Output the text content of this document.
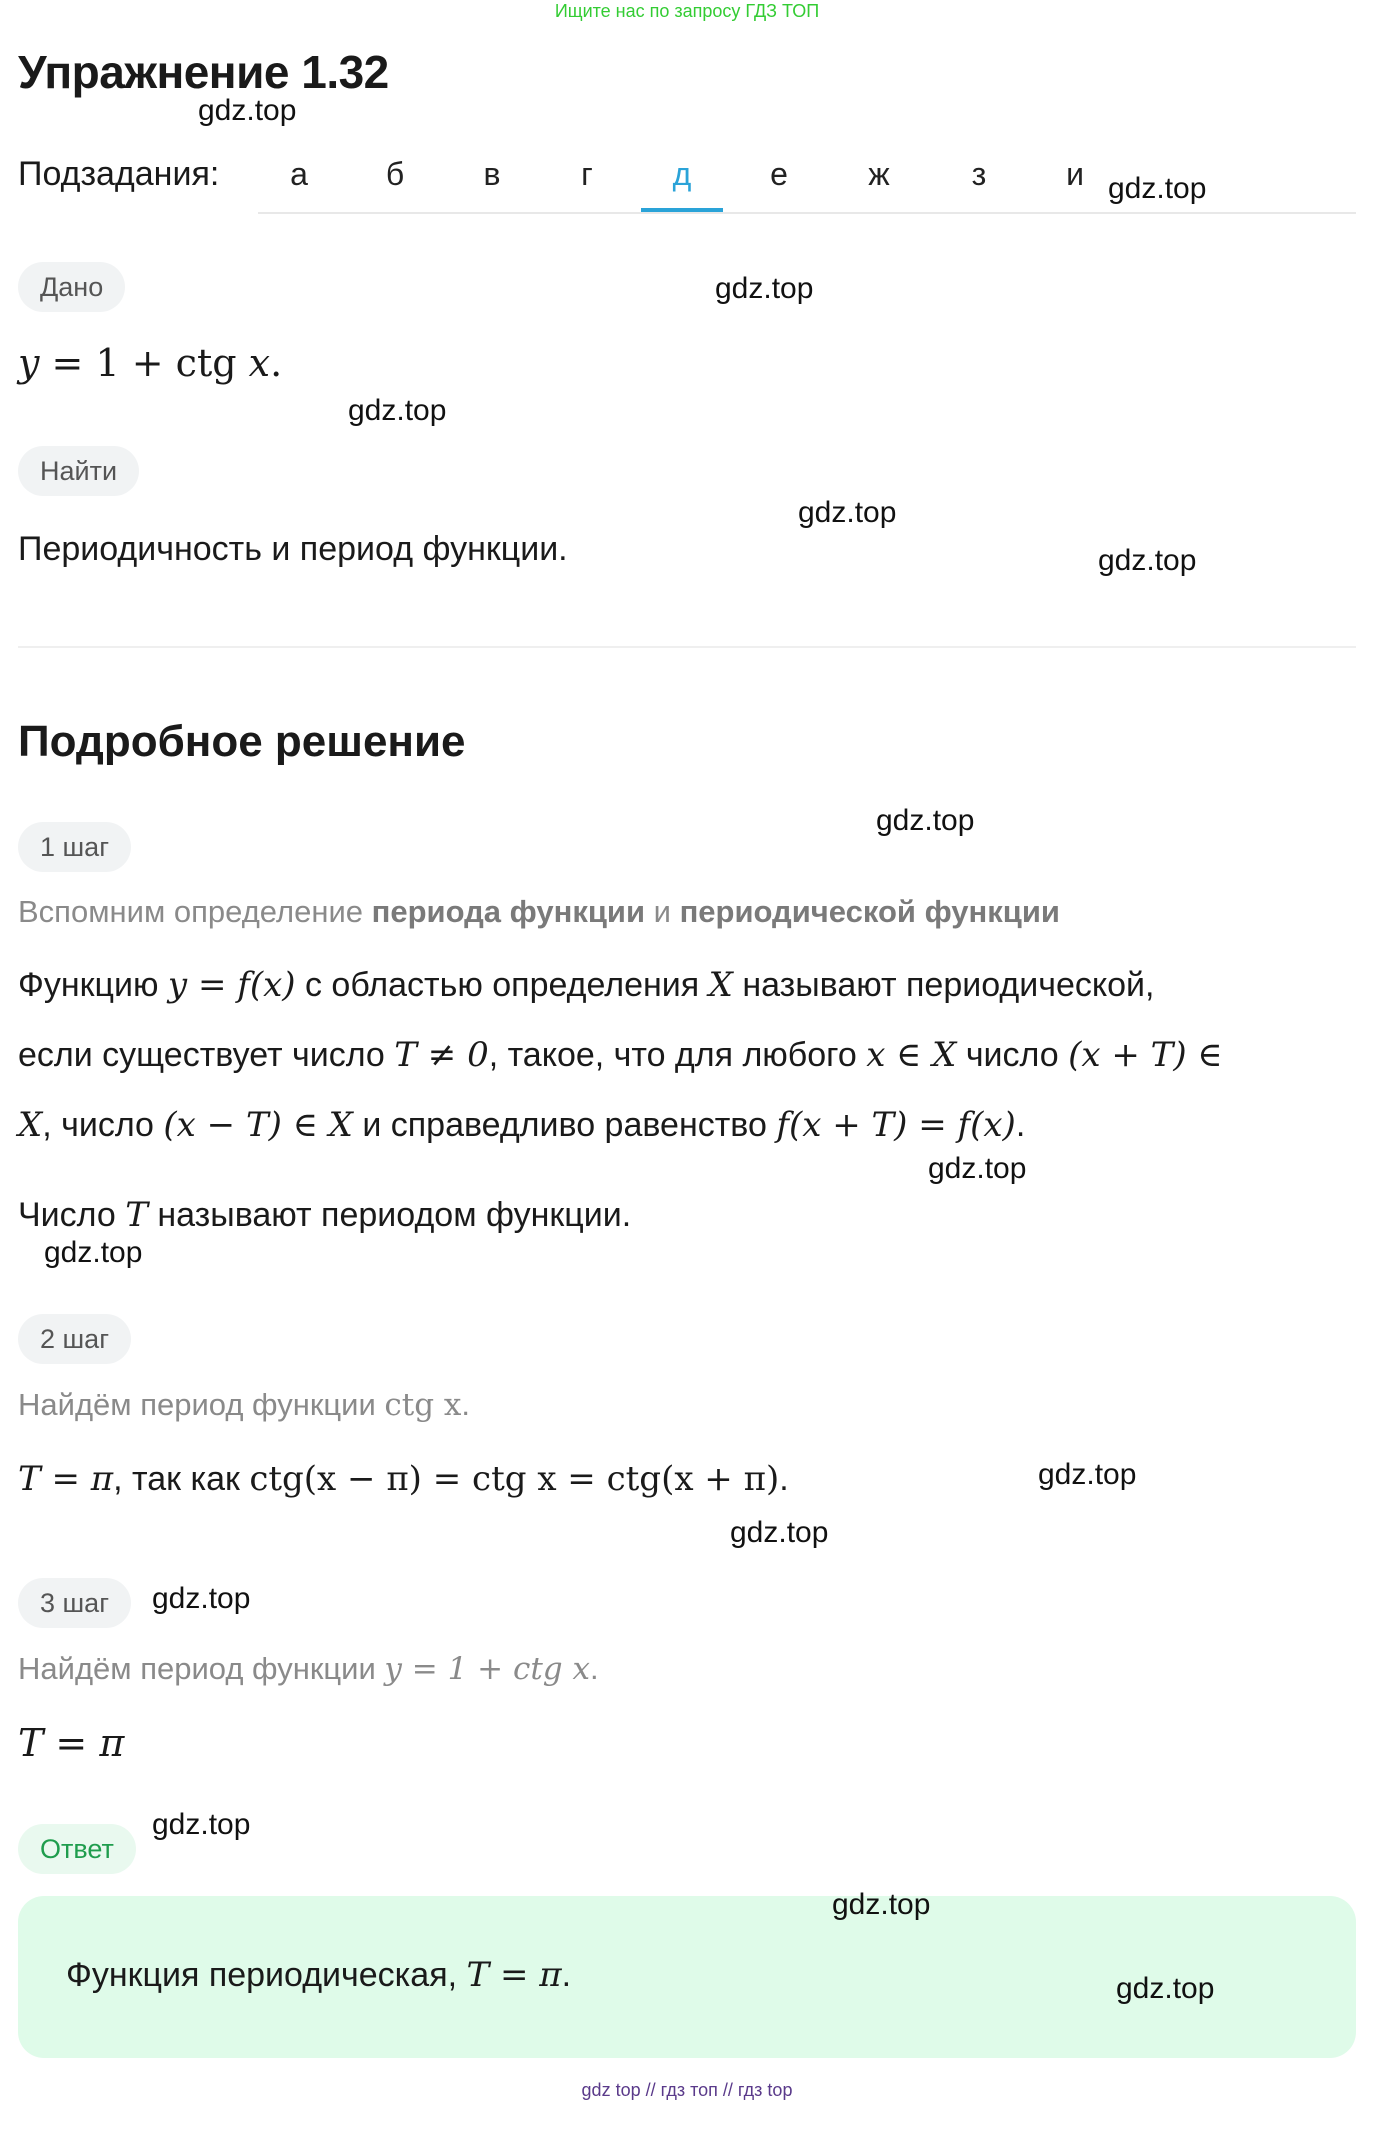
Ищите нас по запросу ГДЗ ТОП
Упражнение 1.32
gdz.top
Подзадания:	а	б	в	г	д	е	ж	з	и gdz.top
Дано	gdz.top
y = 1 + ctg x.
gdz.top
Найти
gdz.top
Периодичность и период функции.	gdz.top
Подробное решение
1 шаг
gdz.top
Вспомним определение периода функции и периодической функции
Функцию y = f(x) с областью определения X называют периодической,
если существует число T ≠ 0, такое, что для любого x ∈ X число (x + T) ∈
X, число (x − T) ∈ X и справедливо равенство f(x + T) = f(x).
gdz.top
Число T называют периодом функции.
gdz.top
2 шаг
Найдём период функции ctg x.
T = π, так как ctg(x − π) = ctg x = ctg(x + π).	gdz.top
gdz.top
3 шаг	gdz.top
Найдём период функции y = 1 + ctg x.
T = π
Ответ
gdz.top
gdz.top
Функция периодическая, T = π.	gdz.top
gdz top // гдз топ // гдз top
